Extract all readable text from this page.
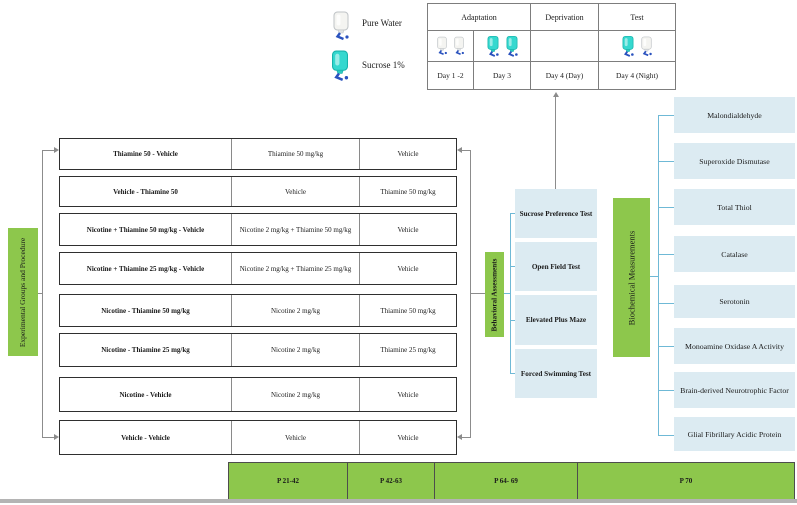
Pure Water
Sucrose 1%
Adaptation	Deprivation	Test
Day 1 -2	Day 3	Day 4 (Day)	Day 4 (Night)
Experimental Groups and Procedure
Thiamine 50 - Vehicle	Thiamine 50 mg/kg	Vehicle
Vehicle - Thiamine 50	Vehicle	Thiamine 50 mg/kg
Nicotine + Thiamine 50 mg/kg - Vehicle	Nicotine 2 mg/kg + Thiamine 50 mg/kg	Vehicle
Nicotine + Thiamine 25 mg/kg - Vehicle	Nicotine 2 mg/kg + Thiamine 25 mg/kg	Vehicle
Nicotine - Thiamine 50 mg/kg	Nicotine 2 mg/kg	Thiamine 50 mg/kg
Nicotine - Thiamine 25 mg/kg	Nicotine 2 mg/kg	Thiamine 25 mg/kg
Nicotine - Vehicle	Nicotine 2 mg/kg	Vehicle
Vehicle - Vehicle	Vehicle	Vehicle
Behavioral Assessments
Sucrose Preference Test
Open Field Test
Elevated Plus Maze
Forced Swimming Test
Biochemical Measurements
Malondialdehyde
Superoxide Dismutase
Total Thiol
Catalase
Serotonin
Monoamine Oxidase A Activity
Brain-derived Neurotrophic Factor
Glial Fibrillary Acidic Protein
P 21-42	P 42-63	P 64- 69	P 70
